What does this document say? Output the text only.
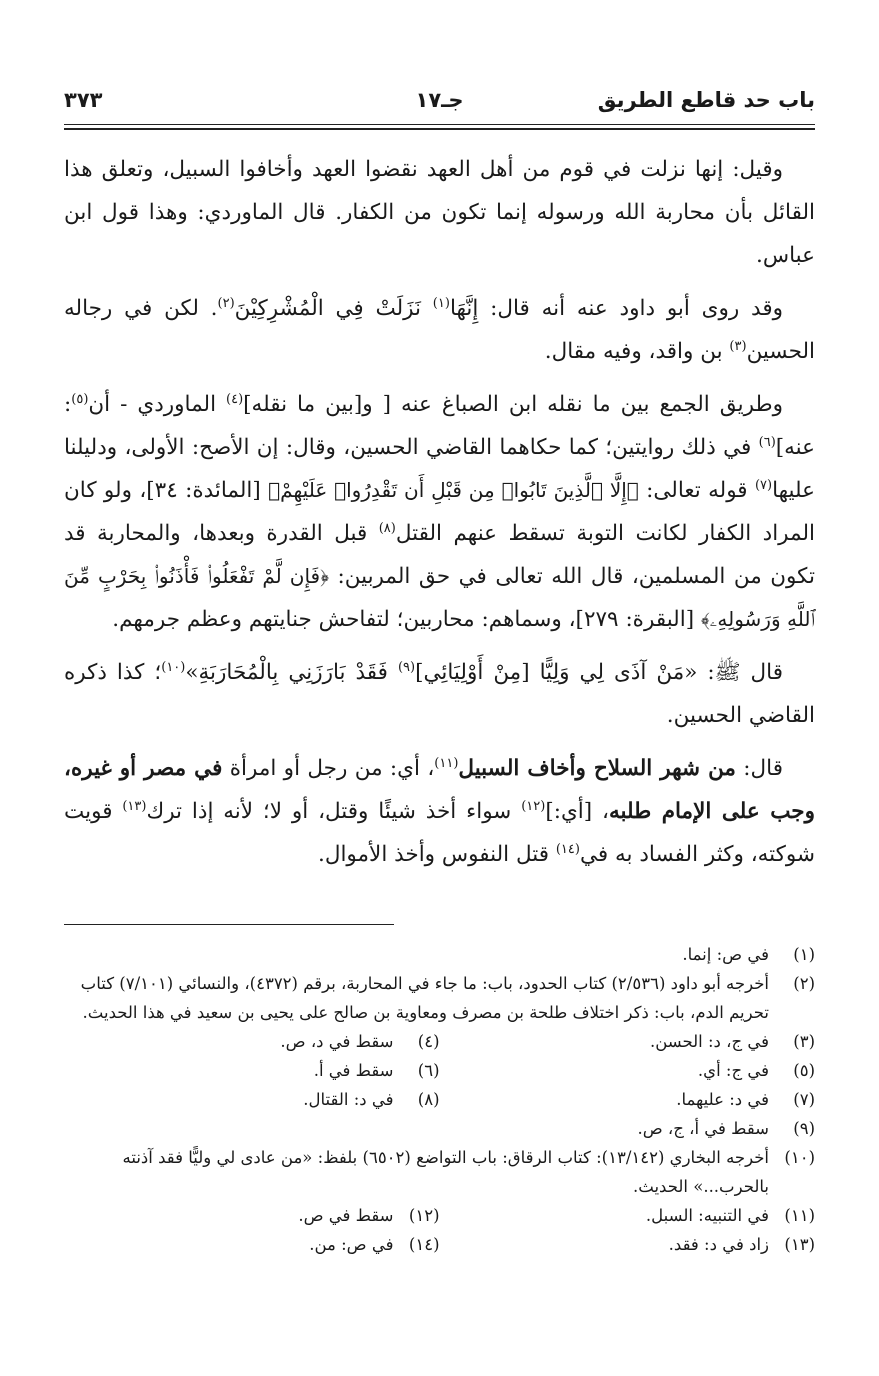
باب حد قاطع الطريق
جـ١٧
٣٧٣

وقيل: إنها نزلت في قوم من أهل العهد نقضوا العهد وأخافوا السبيل، وتعلق هذا القائل بأن محاربة الله ورسوله إنما تكون من الكفار. قال الماوردي: وهذا قول ابن عباس.

وقد روى أبو داود عنه أنه قال: إِنَّهَا$^{(١)}$ نَزَلَتْ فِي الْمُشْرِكِيْنَ$^{(٢)}$. لكن في رجاله الحسين$^{(٣)}$ بن واقد، وفيه مقال.

وطريق الجمع بين ما نقله ابن الصباغ عنه [ و[بين ما نقله]$^{(٤)}$ الماوردي - أن$^{(٥)}$: عنه]$^{(٦)}$ في ذلك روايتين؛ كما حكاهما القاضي الحسين، وقال: إن الأصح: الأولى، ودليلنا عليها$^{(٧)}$ قوله تعالى: ﴿إِلَّا ٱلَّذِينَ تَابُوا۟ مِن قَبْلِ أَن تَقْدِرُوا۟ عَلَيْهِمْ﴾ [المائدة: ٣٤]، ولو كان المراد الكفار لكانت التوبة تسقط عنهم القتل$^{(٨)}$ قبل القدرة وبعدها، والمحاربة قد تكون من المسلمين، قال الله تعالى في حق المربين: ﴿فَإِن لَّمْ تَفْعَلُوا۟ فَأْذَنُوا۟ بِحَرْبٍ مِّنَ ٱللَّهِ وَرَسُولِهِۦ﴾ [البقرة: ٢٧٩]، وسماهم: محاربين؛ لتفاحش جنايتهم وعظم جرمهم.

قال ﷺ: «مَنْ آذَى لِي وَلِيًّا [مِنْ أَوْلِيَائِي]$^{(٩)}$ فَقَدْ بَارَزَنِي بِالْمُحَارَبَةِ»$^{(١٠)}$؛ كذا ذكره القاضي الحسين.

قال: من شهر السلاح وأخاف السبيل$^{(١١)}$، أي: من رجل أو امرأة في مصر أو غيره، وجب على الإمام طلبه، [أي:]$^{(١٢)}$ سواء أخذ شيئًا وقتل، أو لا؛ لأنه إذا ترك$^{(١٣)}$ قويت شوكته، وكثر الفساد به في$^{(١٤)}$ قتل النفوس وأخذ الأموال.

(١)
في ص: إنما.
(٢)
أخرجه أبو داود (٢/٥٣٦) كتاب الحدود، باب: ما جاء في المحاربة، برقم (٤٣٧٢)، والنسائي (٧/١٠١) كتاب تحريم الدم، باب: ذكر اختلاف طلحة بن مصرف ومعاوية بن صالح على يحيى بن سعيد في هذا الحديث.
(٣)
في ج، د: الحسن.
(٤)
سقط في د، ص.
(٥)
في ج: أي.
(٦)
سقط في أ.
(٧)
في د: عليهما.
(٨)
في د: القتال.
(٩)
سقط في أ، ج، ص.
(١٠)
أخرجه البخاري (١٣/١٤٢): كتاب الرقاق: باب التواضع (٦٥٠٢) بلفظ: «من عادى لي وليًّا فقد آذنته بالحرب...» الحديث.
(١١)
في التنبيه: السبل.
(١٢)
سقط في ص.
(١٣)
زاد في د: فقد.
(١٤)
في ص: من.
